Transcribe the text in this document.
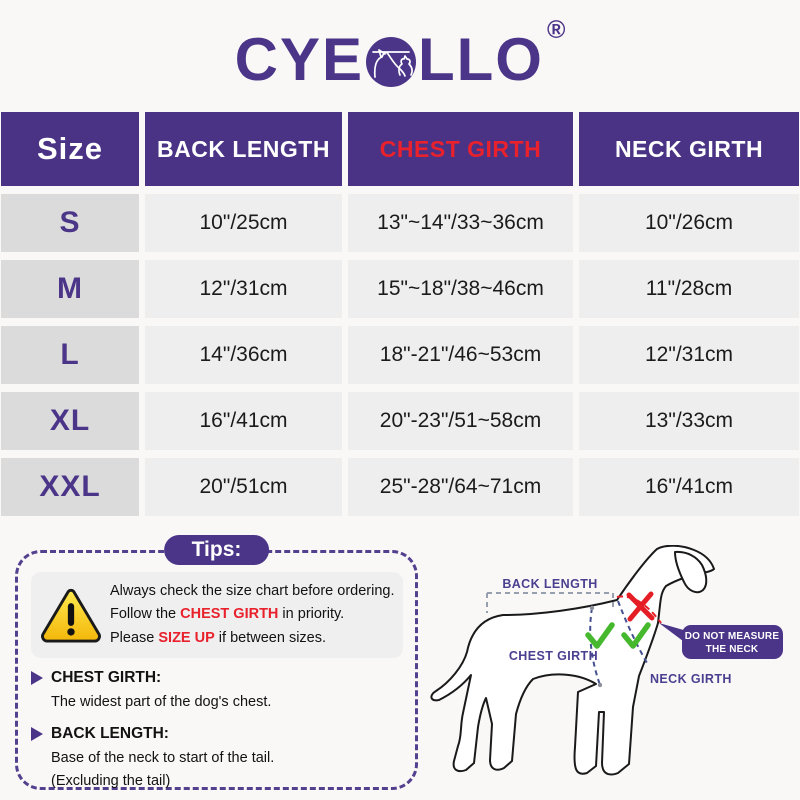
CYE LLO ®
Size	BACK LENGTH	CHEST GIRTH	NECK GIRTH
S	10"/25cm	13"~14"/33~36cm	10"/26cm
M	12"/31cm	15"~18"/38~46cm	11"/28cm
L	14"/36cm	18"-21"/46~53cm	12"/31cm
XL	16"/41cm	20"-23"/51~58cm	13"/33cm
XXL	20"/51cm	25"-28"/64~71cm	16"/41cm
Tips:
Always check the size chart before ordering.
Follow the CHEST GIRTH in priority.
Please SIZE UP if between sizes.
CHEST GIRTH:
The widest part of the dog's chest.
BACK LENGTH:
Base of the neck to start of the tail.
(Excluding the tail)
BACK LENGTH
CHEST GIRTH
NECK GIRTH
DO NOT MEASURE
THE NECK
